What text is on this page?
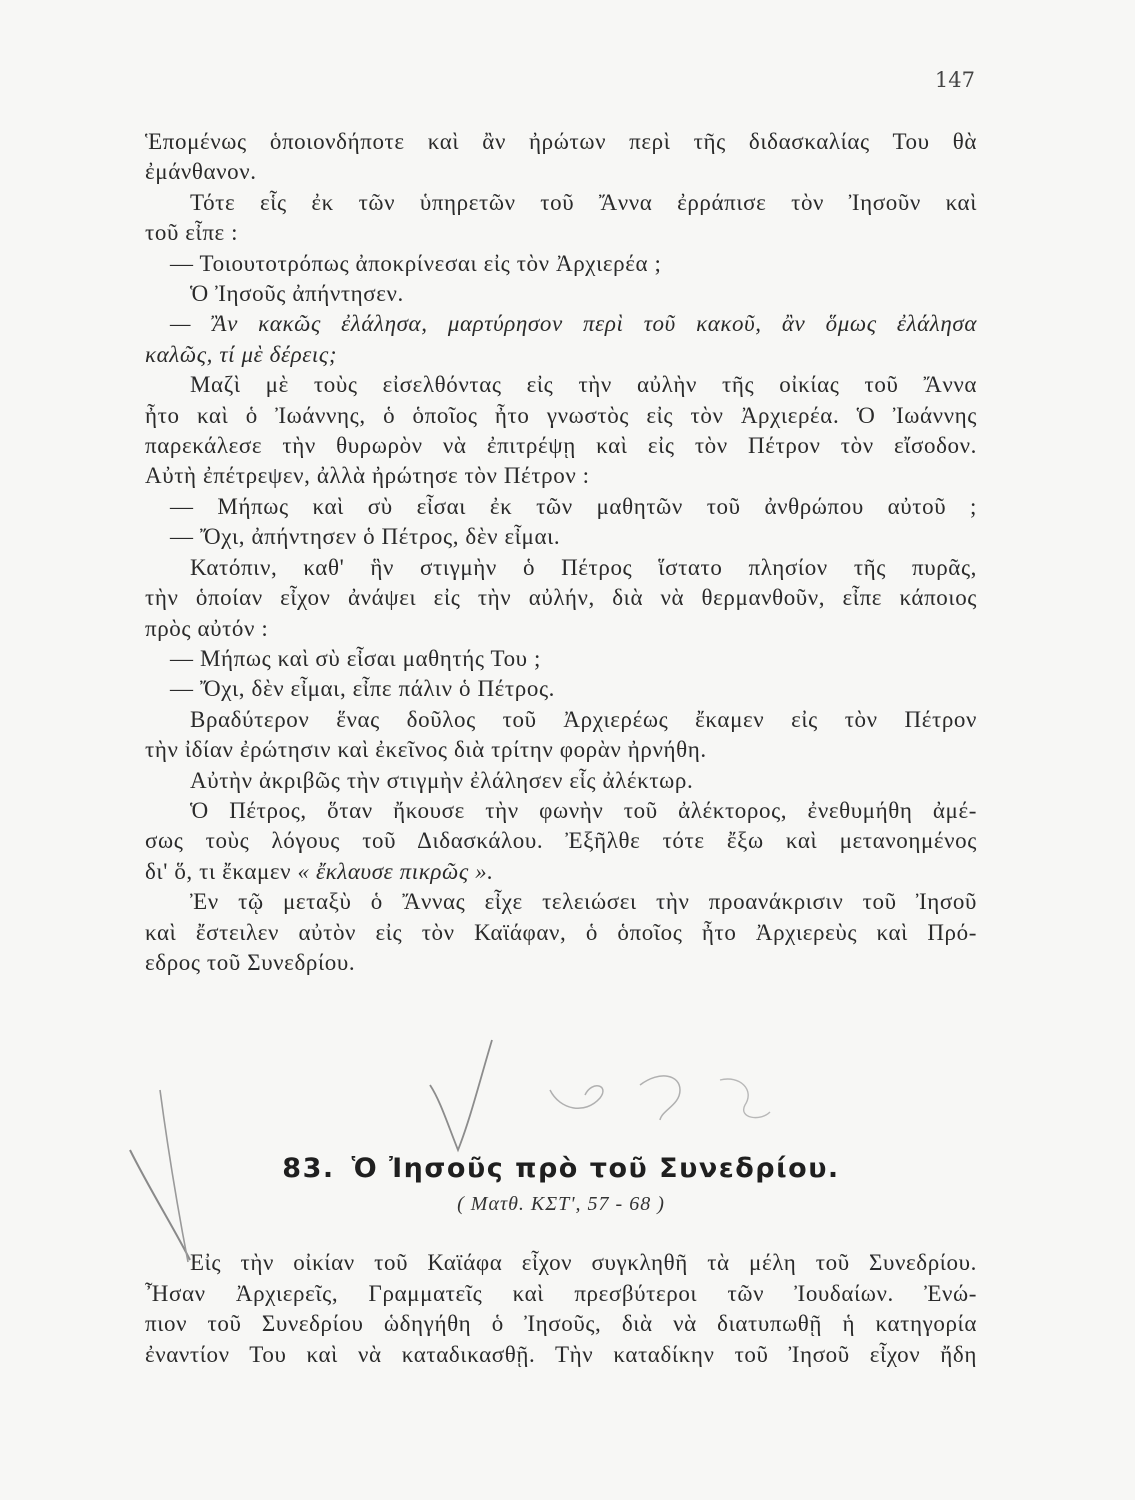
147
Ἑπομένως ὁποιονδήποτε καὶ ἂν ἠρώτων περὶ τῆς διδασκαλίας Του θὰ
ἐμάνθανον.
Τότε εἷς ἐκ τῶν ὑπηρετῶν τοῦ Ἄννα ἐρράπισε τὸν Ἰησοῦν καὶ
τοῦ εἶπε :
— Τοιουτοτρόπως ἀποκρίνεσαι εἰς τὸν Ἀρχιερέα ;
Ὁ Ἰησοῦς ἀπήντησεν.
— Ἂν κακῶς ἐλάλησα, μαρτύρησον περὶ τοῦ κακοῦ, ἂν ὅμως ἐλάλησα
καλῶς, τί μὲ δέρεις;
Μαζὶ μὲ τοὺς εἰσελθόντας εἰς τὴν αὐλὴν τῆς οἰκίας τοῦ Ἄννα
ἦτο καὶ ὁ Ἰωάννης, ὁ ὁποῖος ἦτο γνωστὸς εἰς τὸν Ἀρχιερέα. Ὁ Ἰωάννης
παρεκάλεσε τὴν θυρωρὸν νὰ ἐπιτρέψῃ καὶ εἰς τὸν Πέτρον τὸν εἴσοδον.
Αὐτὴ ἐπέτρεψεν, ἀλλὰ ἠρώτησε τὸν Πέτρον :
— Μήπως καὶ σὺ εἶσαι ἐκ τῶν μαθητῶν τοῦ ἀνθρώπου αὐτοῦ ;
— Ὄχι, ἀπήντησεν ὁ Πέτρος, δὲν εἶμαι.
Κατόπιν, καθ' ἣν στιγμὴν ὁ Πέτρος ἵστατο πλησίον τῆς πυρᾶς,
τὴν ὁποίαν εἶχον ἀνάψει εἰς τὴν αὐλήν, διὰ νὰ θερμανθοῦν, εἶπε κάποιος
πρὸς αὐτόν :
— Μήπως καὶ σὺ εἶσαι μαθητής Του ;
— Ὄχι, δὲν εἶμαι, εἶπε πάλιν ὁ Πέτρος.
Βραδύτερον ἕνας δοῦλος τοῦ Ἀρχιερέως ἔκαμεν εἰς τὸν Πέτρον
τὴν ἰδίαν ἐρώτησιν καὶ ἐκεῖνος διὰ τρίτην φορὰν ἠρνήθη.
Αὐτὴν ἀκριβῶς τὴν στιγμὴν ἐλάλησεν εἷς ἀλέκτωρ.
Ὁ Πέτρος, ὅταν ἤκουσε τὴν φωνὴν τοῦ ἀλέκτορος, ἐνεθυμήθη ἀμέ-
σως τοὺς λόγους τοῦ Διδασκάλου. Ἐξῆλθε τότε ἔξω καὶ μετανοημένος
δι' ὅ, τι ἔκαμεν « ἔκλαυσε πικρῶς ».
Ἐν τῷ μεταξὺ ὁ Ἄννας εἶχε τελειώσει τὴν προανάκρισιν τοῦ Ἰησοῦ
καὶ ἔστειλεν αὐτὸν εἰς τὸν Καϊάφαν, ὁ ὁποῖος ἦτο Ἀρχιερεὺς καὶ Πρό-
εδρος τοῦ Συνεδρίου.
83. Ὁ Ἰησοῦς πρὸ τοῦ Συνεδρίου.
( Ματθ. ΚΣΤ', 57 - 68 )
Εἰς τὴν οἰκίαν τοῦ Καϊάφα εἶχον συγκληθῆ τὰ μέλη τοῦ Συνεδρίου.
Ἦσαν Ἀρχιερεῖς, Γραμματεῖς καὶ πρεσβύτεροι τῶν Ἰουδαίων. Ἐνώ-
πιον τοῦ Συνεδρίου ὡδηγήθη ὁ Ἰησοῦς, διὰ νὰ διατυπωθῇ ἡ κατηγορία
ἐναντίον Του καὶ νὰ καταδικασθῇ. Τὴν καταδίκην τοῦ Ἰησοῦ εἶχον ἤδη
